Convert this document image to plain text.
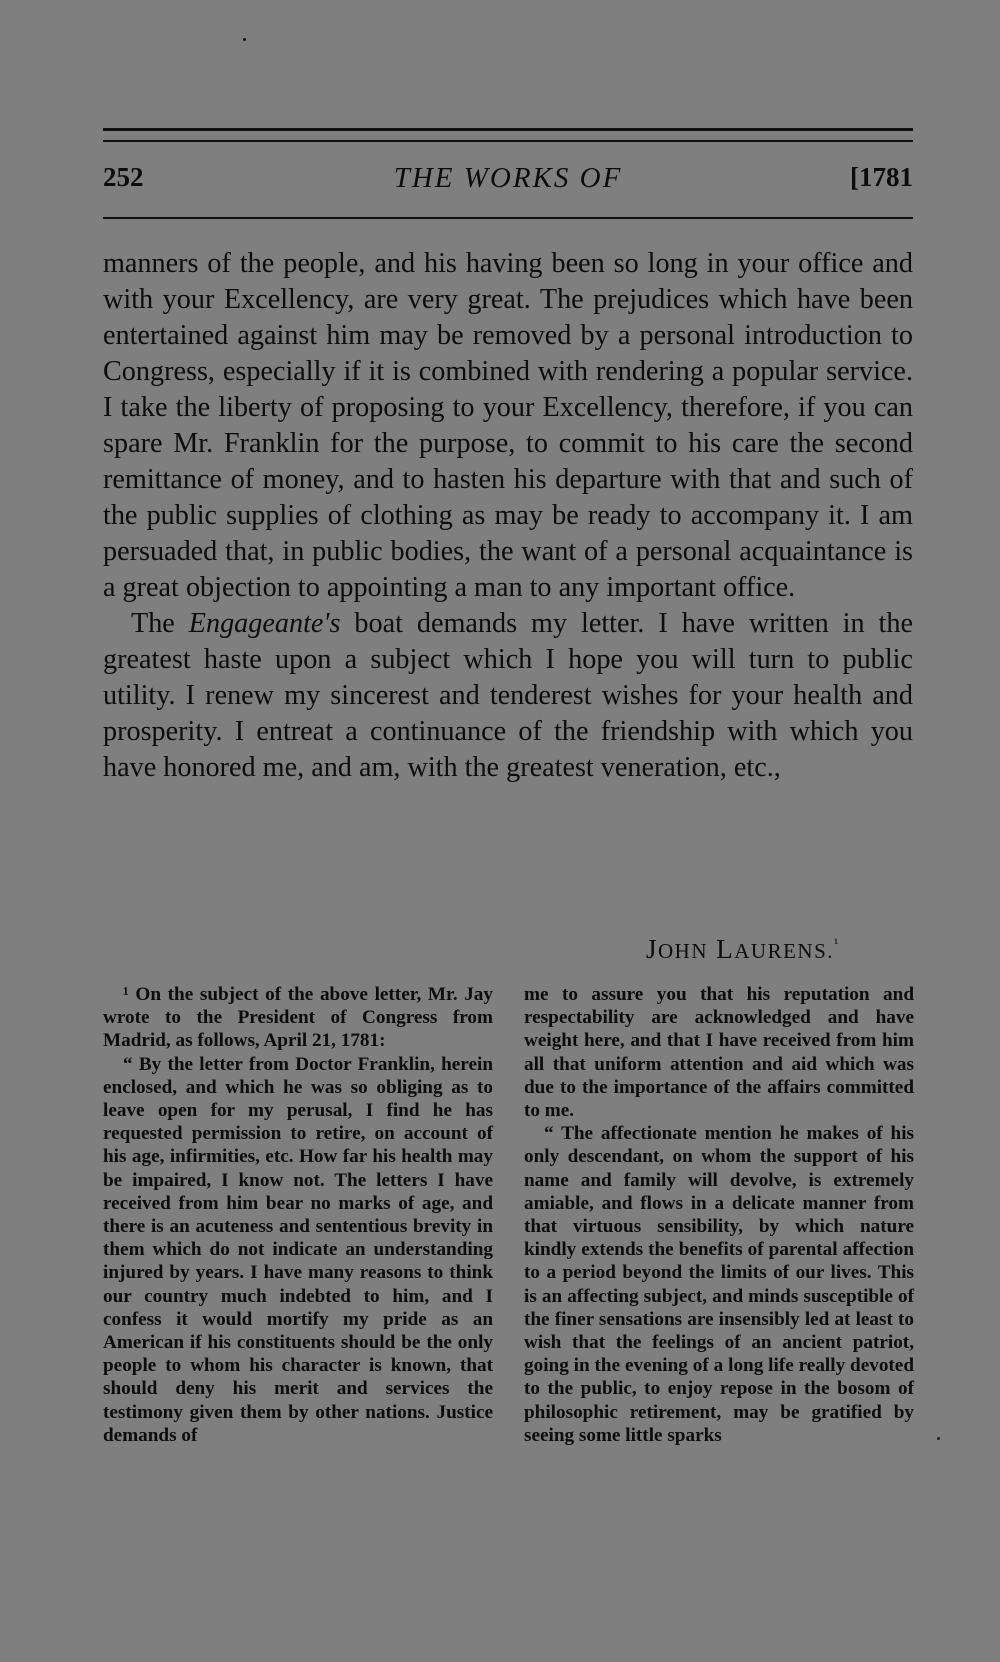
252	THE WORKS OF	[1781

manners of the people, and his having been so long in your office and with your Excellency, are very great. The prejudices which have been entertained against him may be removed by a personal introduction to Congress, especially if it is combined with rendering a popular service. I take the liberty of proposing to your Excellency, therefore, if you can spare Mr. Franklin for the purpose, to commit to his care the second remittance of money, and to hasten his departure with that and such of the public supplies of clothing as may be ready to accompany it. I am persuaded that, in public bodies, the want of a personal acquaintance is a great objection to appointing a man to any important office.

The Engageante's boat demands my letter. I have written in the greatest haste upon a subject which I hope you will turn to public utility. I renew my sincerest and tenderest wishes for your health and prosperity. I entreat a continuance of the friendship with which you have honored me, and am, with the greatest veneration, etc.,

JOHN LAURENS.$^{^1}$

¹ On the subject of the above letter, Mr. Jay wrote to the President of Congress from Madrid, as follows, April 21, 1781:

“ By the letter from Doctor Franklin, herein enclosed, and which he was so obliging as to leave open for my perusal, I find he has requested permission to retire, on account of his age, infirmities, etc. How far his health may be impaired, I know not. The letters I have received from him bear no marks of age, and there is an acuteness and sententious brevity in them which do not indicate an understanding injured by years. I have many reasons to think our country much indebted to him, and I confess it would mortify my pride as an American if his constituents should be the only people to whom his character is known, that should deny his merit and services the testimony given them by other nations. Justice demands of

me to assure you that his reputation and respectability are acknowledged and have weight here, and that I have received from him all that uniform attention and aid which was due to the importance of the affairs committed to me.

“ The affectionate mention he makes of his only descendant, on whom the support of his name and family will devolve, is extremely amiable, and flows in a delicate manner from that virtuous sensibility, by which nature kindly extends the benefits of parental affection to a period beyond the limits of our lives. This is an affecting subject, and minds susceptible of the finer sensations are insensibly led at least to wish that the feelings of an ancient patriot, going in the evening of a long life really devoted to the public, to enjoy repose in the bosom of philosophic retirement, may be gratified by seeing some little sparks
